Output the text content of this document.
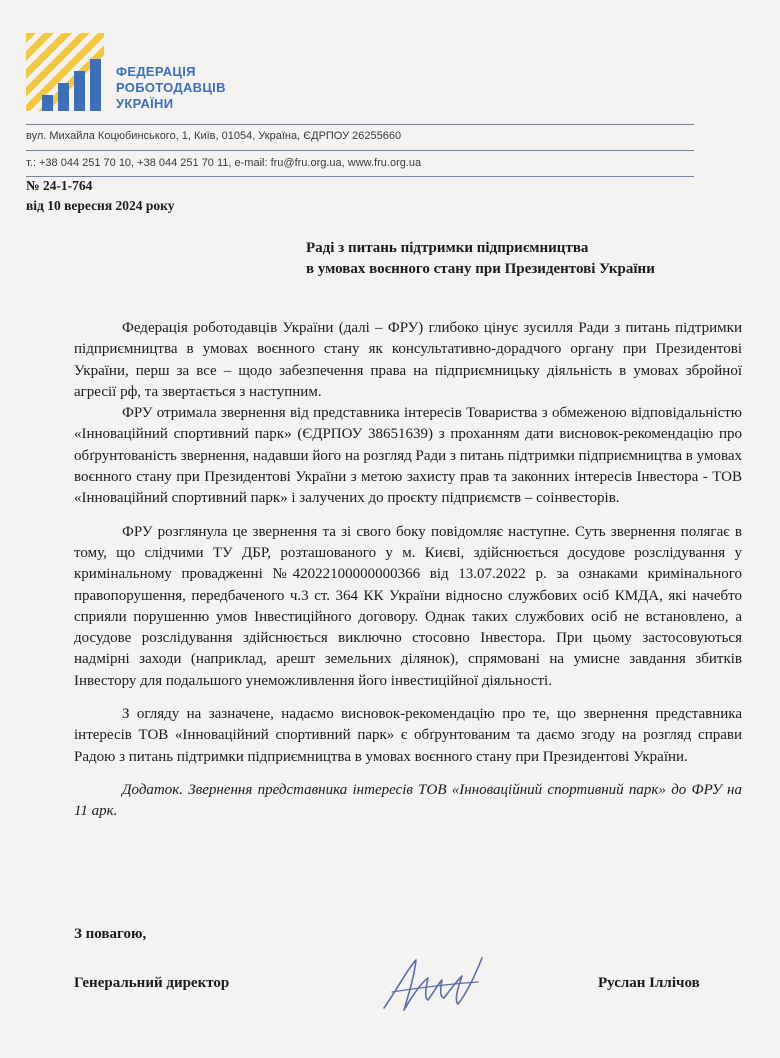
ФЕДЕРАЦІЯ
РОБОТОДАВЦІВ
УКРАЇНИ
вул. Михайла Коцюбинського, 1, Київ, 01054, Україна, ЄДРПОУ 26255660
т.: +38 044 251 70 10, +38 044 251 70 11, e-mail: fru@fru.org.ua, www.fru.org.ua
№ 24-1-764
від 10 вересня 2024 року
Раді з питань підтримки підприємництва
в умовах воєнного стану при Президентові України

Федерація роботодавців України (далі – ФРУ) глибоко цінує зусилля Ради з питань підтримки підприємництва в умовах воєнного стану як консультативно-дорадчого органу при Президентові України, перш за все – щодо забезпечення права на підприємницьку діяльність в умовах збройної агресії рф, та звертається з наступним.

ФРУ отримала звернення від представника інтересів Товариства з обмеженою відповідальністю «Інноваційний спортивний парк» (ЄДРПОУ 38651639) з проханням дати висновок-рекомендацію про обґрунтованість звернення, надавши його на розгляд Ради з питань підтримки підприємництва в умовах воєнного стану при Президентові України з метою захисту прав та законних інтересів Інвестора - ТОВ «Інноваційний спортивний парк» і залучених до проєкту підприємств – соінвесторів.

ФРУ розглянула це звернення та зі свого боку повідомляє наступне. Суть звернення полягає в тому, що слідчими ТУ ДБР, розташованого у м. Києві, здійснюється досудове розслідування у кримінальному провадженні №42022100000000366 від 13.07.2022 р. за ознаками кримінального правопорушення, передбаченого ч.3 ст. 364 КК України відносно службових осіб КМДА, які начебто сприяли порушенню умов Інвестиційного договору. Однак таких службових осіб не встановлено, а досудове розслідування здійснюється виключно стосовно Інвестора. При цьому застосовуються надмірні заходи (наприклад, арешт земельних ділянок), спрямовані на умисне завдання збитків Інвестору для подальшого унеможливлення його інвестиційної діяльності.

З огляду на зазначене, надаємо висновок-рекомендацію про те, що звернення представника інтересів ТОВ «Інноваційний спортивний парк» є обґрунтованим та даємо згоду на розгляд справи Радою з питань підтримки підприємництва в умовах воєнного стану при Президентові України.

Додаток. Звернення представника інтересів ТОВ «Інноваційний спортивний парк» до ФРУ на 11 арк.

З повагою,
Генеральний директор	Руслан Іллічов
